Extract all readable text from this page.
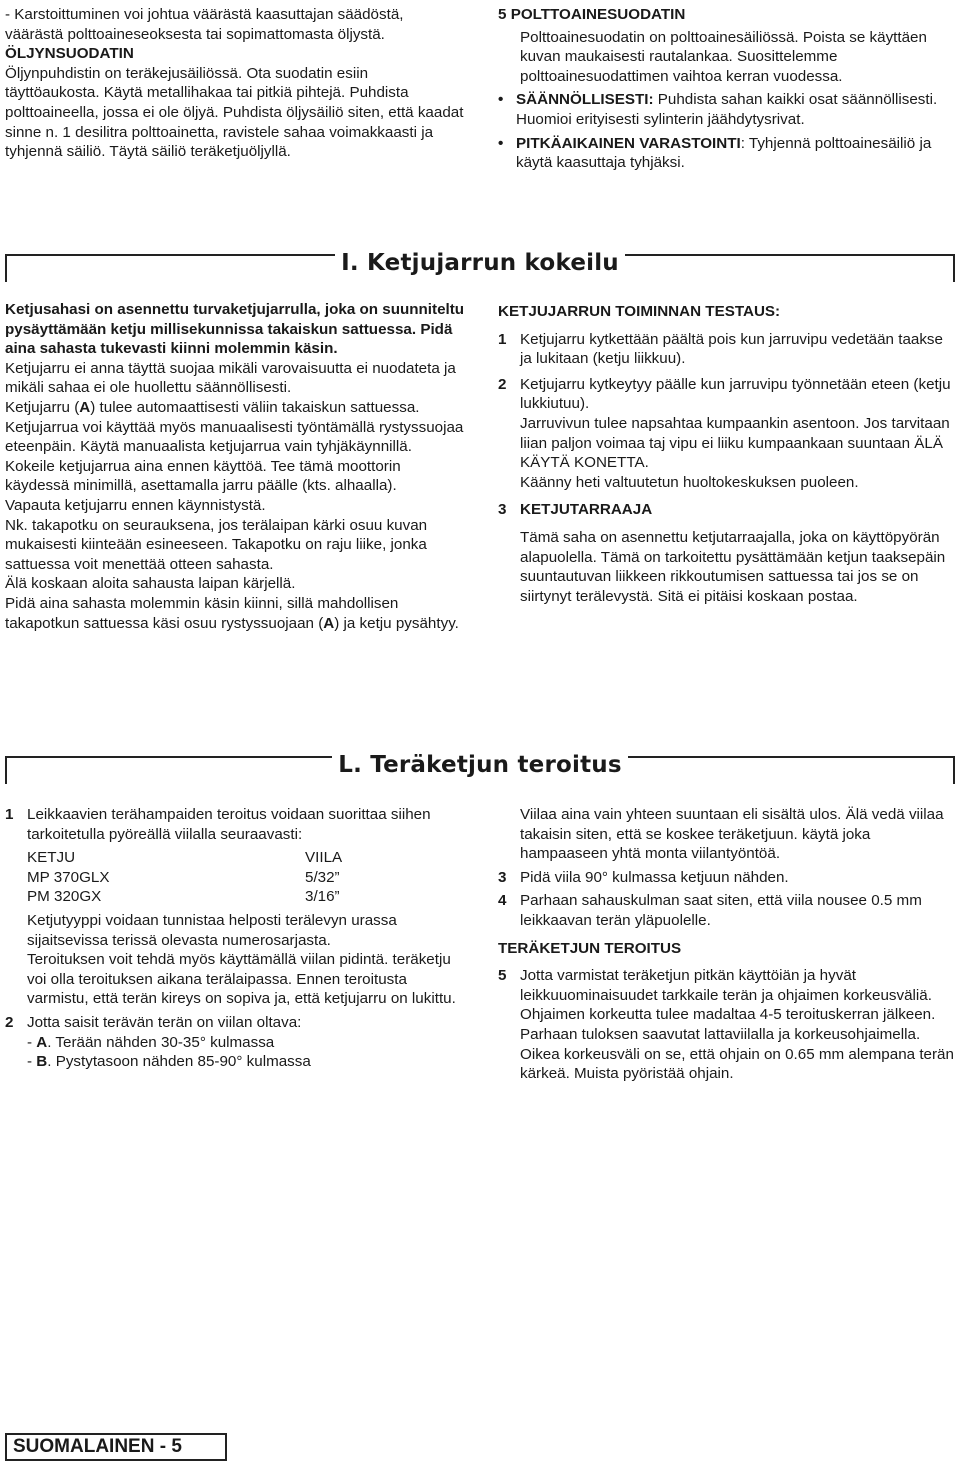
- Karstoittuminen voi johtua väärästä kaasuttajan säädöstä, väärästä polttoaineseoksesta tai sopimattomasta öljystä.

ÖLJYNSUODATIN

Öljynpuhdistin on teräkejusäiliössä. Ota suodatin esiin täyttöaukosta. Käytä metallihakaa tai pitkiä pihtejä. Puhdista polttoaineella, jossa ei ole öljyä. Puhdista öljysäiliö siten, että kaadat sinne n. 1 desilitra polttoainetta, ravistele sahaa voimakkaasti ja tyhjennä säiliö. Täytä säiliö teräketjuöljyllä.

5 POLTTOAINESUODATIN

Polttoainesuodatin on polttoainesäiliössä. Poista se käyttäen kuvan maukaisesti rautalankaa. Suosittelemme polttoainesuodattimen vaihtoa kerran vuodessa.

• SÄÄNNÖLLISESTI: Puhdista sahan kaikki osat säännöllisesti. Huomioi erityisesti sylinterin jäähdytysrivat.
• PITKÄAIKAINEN VARASTOINTI: Tyhjennä polttoainesäiliö ja käytä kaasuttaja tyhjäksi.
I. Ketjujarrun kokeilu

Ketjusahasi on asennettu turvaketjujarrulla, joka on suunniteltu pysäyttämään ketju millisekunnissa takaiskun sattuessa. Pidä aina sahasta tukevasti kiinni molemmin käsin.

Ketjujarru ei anna täyttä suojaa mikäli varovaisuutta ei nuodateta ja mikäli sahaa ei ole huollettu säännöllisesti.

Ketjujarru (A) tulee automaattisesti väliin takaiskun sattuessa.

Ketjujarrua voi käyttää myös manuaalisesti työntämällä rystyssuojaa eteenpäin. Käytä manuaalista ketjujarrua vain tyhjäkäynnillä.

Kokeile ketjujarrua aina ennen käyttöä. Tee tämä moottorin käydessä minimillä, asettamalla jarru päälle (kts. alhaalla).

Vapauta ketjujarru ennen käynnistystä.

Nk. takapotku on seurauksena, jos terälaipan kärki osuu kuvan mukaisesti kiinteään esineeseen. Takapotku on raju liike, jonka sattuessa voit menettää otteen sahasta.

Älä koskaan aloita sahausta laipan kärjellä.

Pidä aina sahasta molemmin käsin kiinni, sillä mahdollisen takapotkun sattuessa käsi osuu rystyssuojaan (A) ja ketju pysähtyy.

KETJUJARRUN TOIMINNAN TESTAUS:

1 Ketjujarru kytkettään päältä pois kun jarruvipu vedetään taakse ja lukitaan (ketju liikkuu).
2 Ketjujarru kytkeytyy päälle kun jarruvipu työnnetään eteen (ketju lukkiutuu).

Jarruvivun tulee napsahtaa kumpaankin asentoon. Jos tarvitaan liian paljon voimaa taj vipu ei liiku kumpaankaan suuntaan ÄLÄ KÄYTÄ KONETTA.

Käänny heti valtuutetun huoltokeskuksen puoleen.

3 KETJUTARRAAJA

Tämä saha on asennettu ketjutarraajalla, joka on käyttöpyörän alapuolella. Tämä on tarkoitettu pysättämään ketjun taaksepäin suuntautuvan liikkeen rikkoutumisen sattuessa tai jos se on siirtynyt terälevystä. Sitä ei pitäisi koskaan postaa.

L. Teräketjun teroitus
1 Leikkaavien terähampaiden teroitus voidaan suorittaa siihen tarkoitetulla pyöreällä viilalla seuraavasti:
KETJU	VIILA
MP 370GLX	5/32”
PM 320GX	3/16”

Ketjutyyppi voidaan tunnistaa helposti terälevyn urassa sijaitsevissa terissä olevasta numerosarjasta.

Teroituksen voit tehdä myös käyttämällä viilan pidintä. teräketju voi olla teroituksen aikana terälaipassa. Ennen teroitusta varmistu, että terän kireys on sopiva ja, että ketjujarru on lukittu.

2 Jotta saisit terävän terän on viilan oltava:

- A. Terään nähden 30-35° kulmassa

- B. Pystytasoon nähden 85-90° kulmassa

Viilaa aina vain yhteen suuntaan eli sisältä ulos. Älä vedä viilaa takaisin siten, että se koskee teräketjuun. käytä joka hampaaseen yhtä monta viilantyöntöä.

3 Pidä viila 90° kulmassa ketjuun nähden.
4 Parhaan sahauskulman saat siten, että viila nousee 0.5 mm leikkaavan terän yläpuolelle.

TERÄKETJUN TEROITUS

5 Jotta varmistat teräketjun pitkän käyttöiän ja hyvät leikkuuominaisuudet tarkkaile terän ja ohjaimen korkeusväliä. Ohjaimen korkeutta tulee madaltaa 4-5 teroituskerran jälkeen. Parhaan tuloksen saavutat lattaviilalla ja korkeusohjaimella.

Oikea korkeusväli on se, että ohjain on 0.65 mm alempana terän kärkeä. Muista pyöristää ohjain.

SUOMALAINEN - 5
